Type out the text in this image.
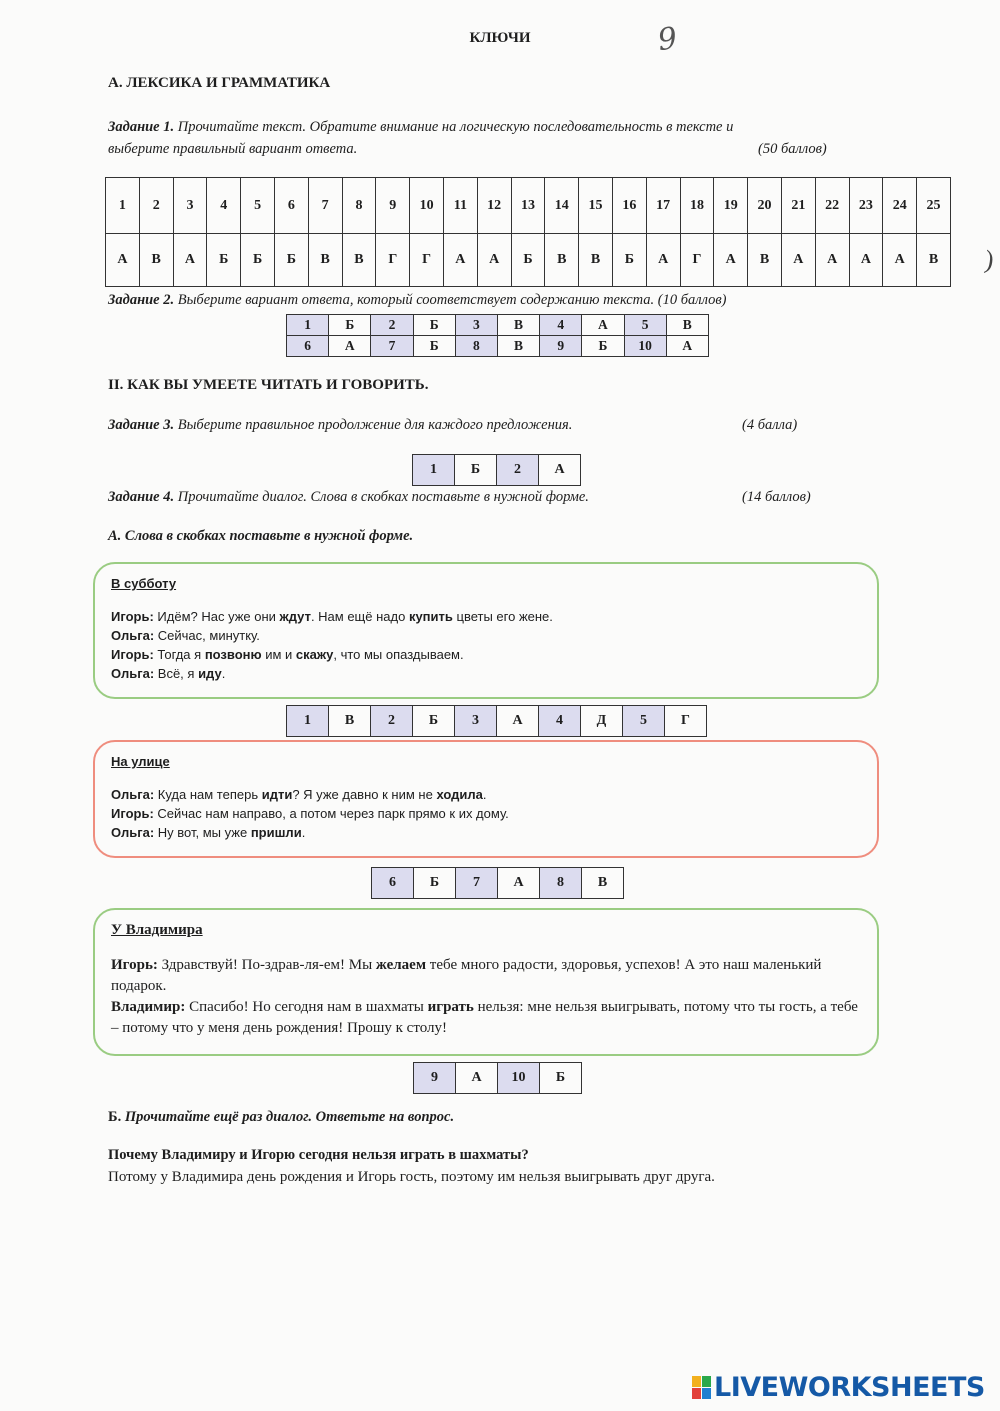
КЛЮЧИ	9
А. ЛЕКСИКА И ГРАММАТИКА
Задание 1. Прочитайте текст. Обратите внимание на логическую последовательность в тексте и
выберите правильный вариант ответа.	(50 баллов)
1	2	3	4	5	6	7	8	9	10	11	12	13	14	15	16	17	18	19	20	21	22	23	24	25
А	В	А	Б	Б	Б	В	В	Г	Г	А	А	Б	В	В	Б	А	Г	А	В	А	А	А	А	В
Задание 2. Выберите вариант ответа, который соответствует содержанию текста. (10 баллов)
1	Б	2	Б	3	В	4	А	5	В
6	А	7	Б	8	В	9	Б	10	А
II. КАК ВЫ УМЕЕТЕ ЧИТАТЬ И ГОВОРИТЬ.
Задание 3. Выберите правильное продолжение для каждого предложения.	(4 балла)
1	Б	2	А
Задание 4. Прочитайте диалог. Слова в скобках поставьте в нужной форме.	(14 баллов)
А. Слова в скобках поставьте в нужной форме.
В субботу

Игорь: Идём? Нас уже они ждут. Нам ещё надо купить цветы его жене.

Ольга: Сейчас, минутку.

Игорь: Тогда я позвоню им и скажу, что мы опаздываем.

Ольга: Всё, я иду.

1	В	2	Б	3	А	4	Д	5	Г
На улице

Ольга: Куда нам теперь идти? Я уже давно к ним не ходила.

Игорь: Сейчас нам направо, а потом через парк прямо к их дому.

Ольга: Ну вот, мы уже пришли.

6	Б	7	А	8	В
У Владимира

Игорь: Здравствуй! По-здрав-ля-ем! Мы желаем тебе много радости, здоровья, успехов! А это наш маленький подарок.

Владимир: Спасибо! Но сегодня нам в шахматы играть нельзя: мне нельзя выигрывать, потому что ты гость, а тебе – потому что у меня день рождения! Прошу к столу!

9	А	10	Б
Б. Прочитайте ещё раз диалог. Ответьте на вопрос.
Почему Владимиру и Игорю сегодня нельзя играть в шахматы?
Потому у Владимира день рождения и Игорь гость, поэтому им нельзя выигрывать друг друга.
)
LIVEWORKSHEETS
